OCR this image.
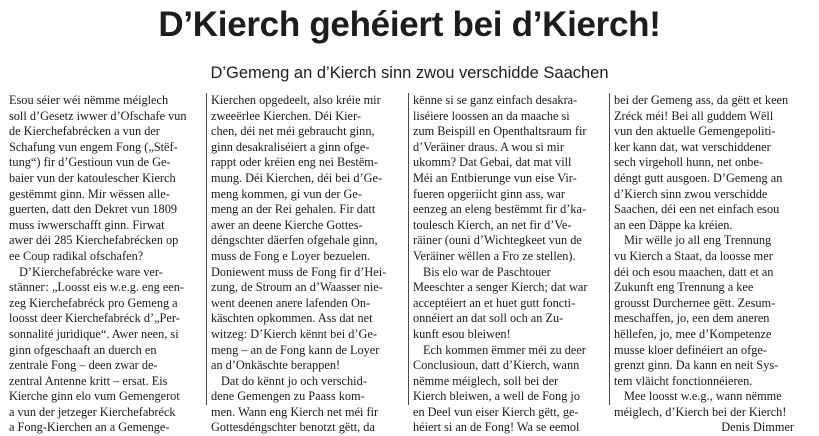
D’Kierch gehéiert bei d’Kierch!
D’Gemeng an d’Kierch sinn zwou verschidde Saachen
Esou séier wéi nëmme méiglech
soll d’Gesetz iwwer d’Ofschafe vun
de Kierchefabrécken a vun der
Schafung vun engem Fong („Stëf-
tung“) fir d’Gestioun vun de Ge-
baier vun der katoulescher Kierch
gestëmmt ginn. Mir wëssen alle-
guerten, datt den Dekret vun 1809
muss iwwerschafft ginn. Firwat
awer déi 285 Kierchefabrécken op
ee Coup radikal ofschafen?
D’Kierchefabrécke ware ver-
stännег: „Loosst eis w.e.g. eng een-
zeg Kierchefabréck pro Gemeng a
loosst deer Kierchefabréck d’„Per-
sonnalité juridique“. Awer neen, si
ginn ofgeschaaft an duerch en
zentrale Fong – deen zwar de-
zentral Antenne kritt – ersat. Eis
Kierche ginn elo vum Gemengerot
a vun der jetzeger Kierchefabréck
a Fong-Kierchen an a Gemenge-
Kierchen opgedeelt, also kréie mir
zweeërlee Kierchen. Déi Kier-
chen, déi net méi gebraucht ginn,
ginn desakraliséiert a ginn ofge-
rappt oder kréien eng nei Bestëm-
mung. Déi Kierchen, déi bei d’Ge-
meng kommen, gi vun der Ge-
meng an der Rei gehalen. Fir datt
awer an deene Kierche Gottes-
déngschter däerfen ofgehale ginn,
muss de Fong e Loyer bezuelen.
Doniewent muss de Fong fir d’Hei-
zung, de Stroum an d’Waasser nie-
went deenen anere lafenden On-
käschten opkommen. Ass dat net
witzeg: D’Kierch kënnt bei d’Ge-
meng – an de Fong kann de Loyer
an d’Onkäschte berappen!
Dat do kënnt jo och verschid-
dene Gemengen zu Paass kom-
men. Wann eng Kierch net méi fir
Gottesdéngschter benotzt gëtt, da
kënne si se ganz einfach desakra-
liséiere loossen an da maache si
zum Beispill en Openthaltsraum fir
d’Veräiner draus. A wou si mir
ukomm? Dat Gebai, dat mat vill
Méi an Entbierunge vun eise Vir-
fueren opgeriicht ginn ass, war
eenzeg an eleng bestëmmt fir d’ka-
toulesch Kierch, an net fir d’Ve-
räiner (ouni d’Wichtegkeet vun de
Veräiner wëllen a Fro ze stellen).
Bis elo war de Paschtouer
Meeschter a senger Kierch; dat war
acceptéiert an et huet gutt foncti-
onnéiert an dat soll och an Zu-
kunft esou bleiwen!
Ech kommen ëmmer méi zu deer
Conclusioun, datt d’Kierch, wann
nëmme méiglech, soll bei der
Kierch bleiwen, a well de Fong jo
en Deel vun eiser Kierch gëtt, ge-
héiert si an de Fong! Wa se eemol
bei der Gemeng ass, da gëtt et keen
Zréck méi! Bei all guddem Wëll
vun den aktuelle Gemengepoliti-
ker kann dat, wat verschiddener
sech virgeholl hunn, net onbe-
déngt gutt ausgoen. D’Gemeng an
d’Kierch sinn zwou verschidde
Saachen, déi een net einfach esou
an een Däppe ka kréien.
Mir wëlle jo all eng Trennung
vu Kierch a Staat, da loosse mer
déi och esou maachen, datt et an
Zukunft eng Trennung a kee
grousst Durchernee gëtt. Zesum-
meschaffen, jo, een dem aneren
hëllefen, jo, mee d’Kompetenze
musse kloer definéiert an ofge-
grenzt ginn. Da kann en neit Sys-
tem vläicht fonctionnéieren.
Mee loosst w.e.g., wann nëmme
méiglech, d’Kierch bei der Kierch!
Denis Dimmer
